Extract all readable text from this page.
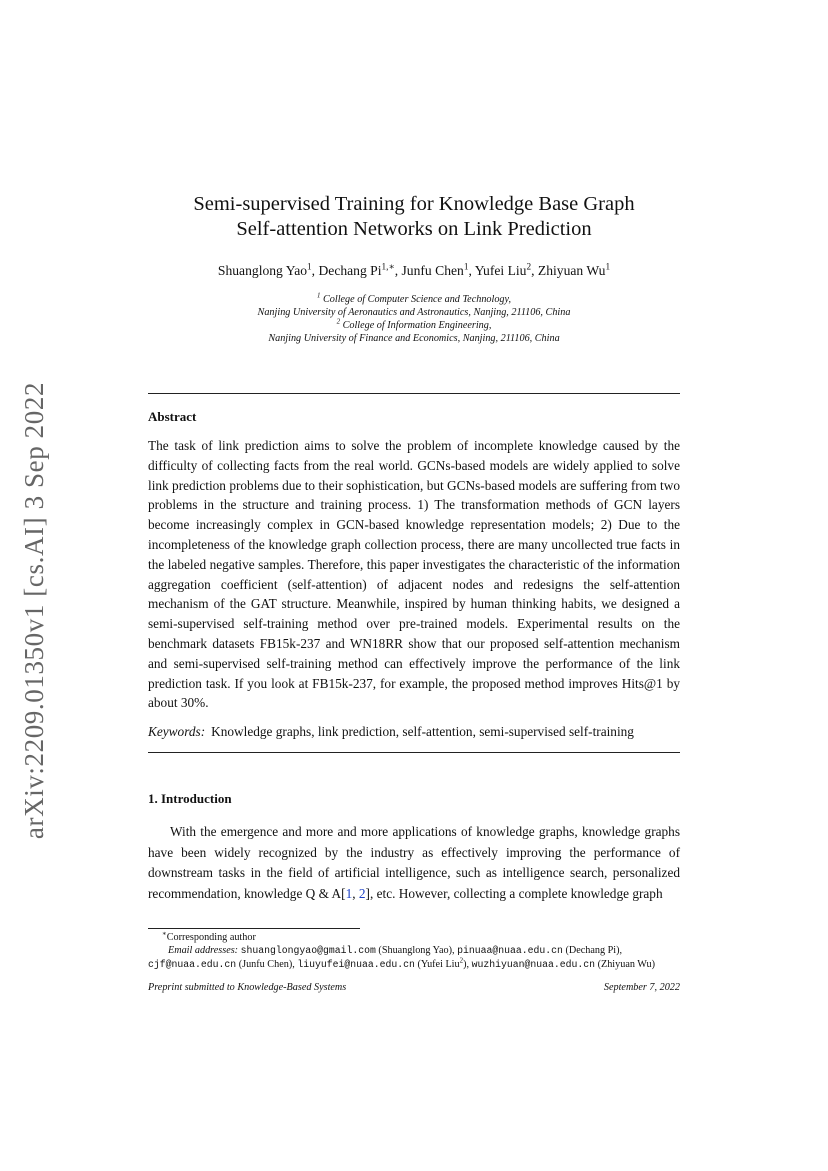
arXiv:2209.01350v1 [cs.AI] 3 Sep 2022
Semi-supervised Training for Knowledge Base Graph
Self-attention Networks on Link Prediction
Shuanglong Yao$^1$, Dechang $Pi^{1,∗}$, Junfu Chen$^1$, Yufei Liu$^2$, Zhiyuan Wu$^1$
$^1$ College of Computer Science and Technology,
Nanjing University of Aeronautics and Astronautics, Nanjing, 211106, China
$^2$ College of Information Engineering,
Nanjing University of Finance and Economics, Nanjing, 211106, China
Abstract

The task of link prediction aims to solve the problem of incomplete knowledge caused by the difficulty of collecting facts from the real world. GCNs-based models are widely applied to solve link prediction problems due to their sophistication, but GCNs-based models are suffering from two problems in the structure and training process. 1) The transformation methods of GCN layers become increasingly complex in GCN-based knowledge representation models; 2) Due to the incompleteness of the knowledge graph collection process, there are many uncollected true facts in the labeled negative samples. Therefore, this paper investigates the characteristic of the information aggregation coefficient (self-attention) of adjacent nodes and redesigns the self-attention mechanism of the GAT structure. Meanwhile, inspired by human thinking habits, we designed a semi-supervised self-training method over pre-trained models. Experimental results on the benchmark datasets FB15k-237 and WN18RR show that our proposed self-attention mechanism and semi-supervised self-training method can effectively improve the performance of the link prediction task. If you look at FB15k-237, for example, the proposed method improves Hits@1 by about 30%.

Keywords: Knowledge graphs, link prediction, self-attention, semi-supervised self-training
1. Introduction

With the emergence and more and more applications of knowledge graphs, knowledge graphs have been widely recognized by the industry as effectively improving the performance of downstream tasks in the field of artificial intelligence, such as intelligence search, personalized recommendation, knowledge Q & A[1, 2], etc. However, collecting a complete knowledge graph

∗Corresponding author
Email addresses: shuanglongyao@gmail.com (Shuanglong Yao), pinuaa@nuaa.edu.cn (Dechang Pi),
cjf@nuaa.edu.cn (Junfu Chen), liuyufei@nuaa.edu.cn (Yufei Liu$^2$), wuzhiyuan@nuaa.edu.cn (Zhiyuan Wu)
Preprint submitted to Knowledge-Based Systems	September 7, 2022
